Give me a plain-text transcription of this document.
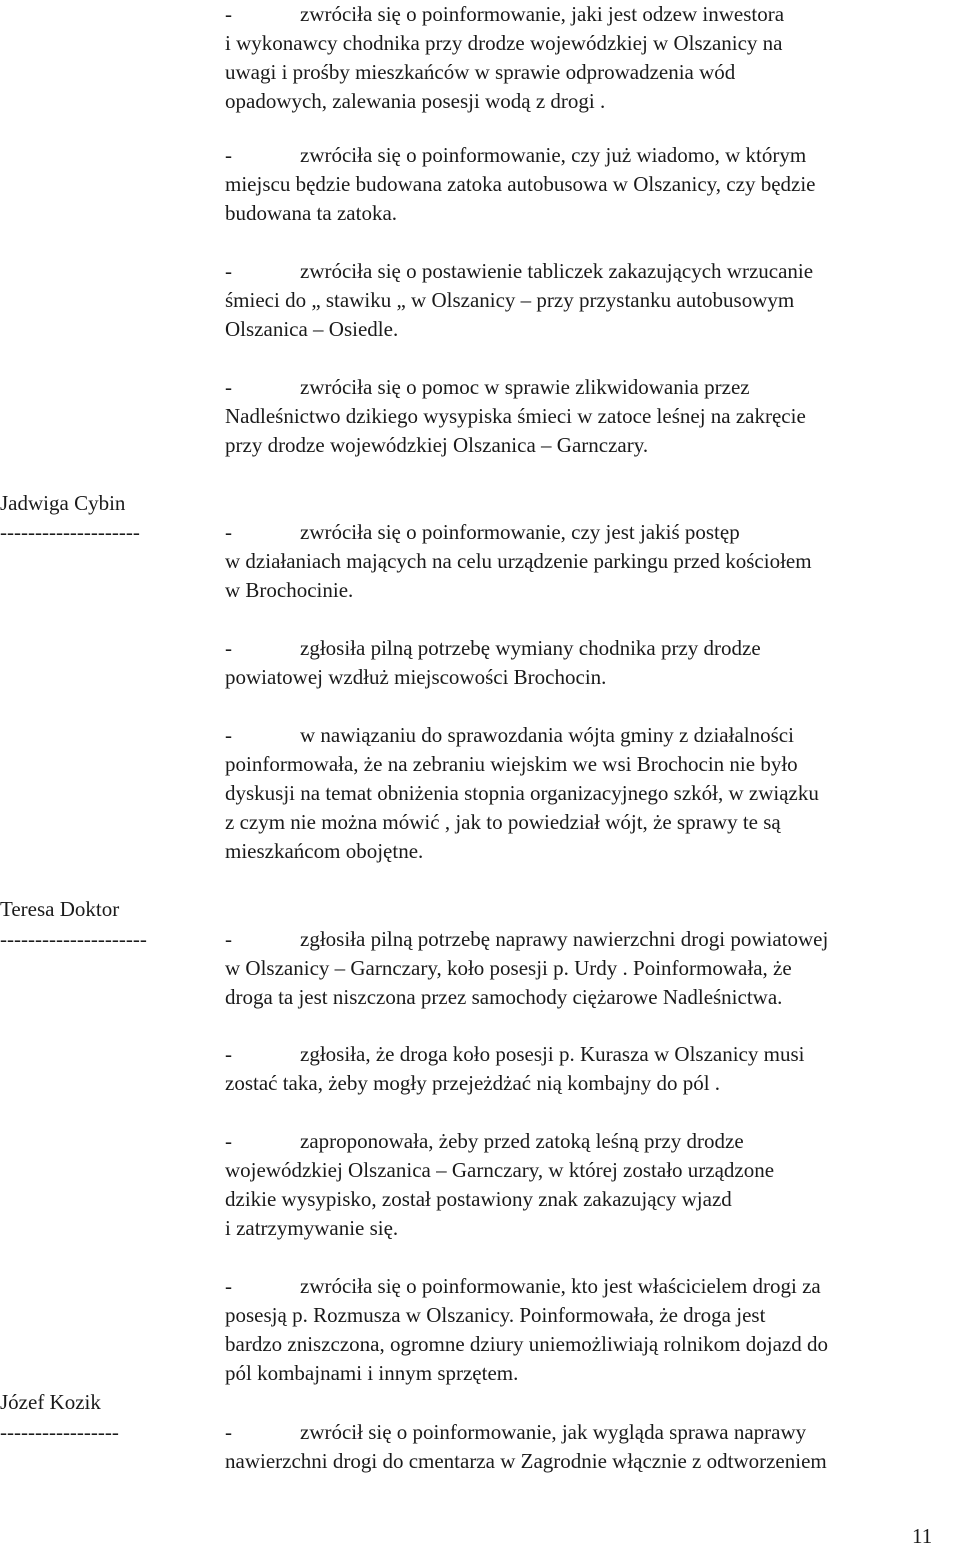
-	zwróciła się o poinformowanie, jaki jest odzew inwestora
i wykonawcy chodnika przy drodze wojewódzkiej w Olszanicy na
uwagi i prośby mieszkańców w sprawie odprowadzenia wód
opadowych, zalewania posesji wodą z drogi .
-	zwróciła się o poinformowanie, czy już wiadomo, w którym
miejscu będzie budowana zatoka autobusowa w Olszanicy, czy będzie
budowana ta zatoka.
-	zwróciła się o postawienie tabliczek zakazujących wrzucanie
śmieci do „ stawiku „ w Olszanicy – przy przystanku autobusowym
Olszanica – Osiedle.
-	zwróciła się o pomoc w sprawie zlikwidowania przez
Nadleśnictwo dzikiego wysypiska śmieci w zatoce leśnej na zakręcie
przy drodze wojewódzkiej Olszanica – Garnczary.
Jadwiga Cybin
--------------------	-	zwróciła się o poinformowanie, czy jest jakiś postęp
w działaniach mających na celu urządzenie parkingu przed kościołem
w Brochocinie.
-	zgłosiła pilną potrzebę wymiany chodnika przy drodze
powiatowej wzdłuż miejscowości Brochocin.
-	w nawiązaniu do sprawozdania wójta gminy z działalności
poinformowała, że na zebraniu wiejskim we wsi Brochocin nie było
dyskusji na temat obniżenia stopnia organizacyjnego szkół, w związku
z czym nie można mówić , jak to powiedział wójt, że sprawy te są
mieszkańcom obojętne.
Teresa Doktor
---------------------	-	zgłosiła pilną potrzebę naprawy nawierzchni drogi powiatowej
w Olszanicy – Garnczary, koło posesji p. Urdy . Poinformowała, że
droga ta jest niszczona przez samochody ciężarowe Nadleśnictwa.
-	zgłosiła, że droga koło posesji p. Kurasza w Olszanicy musi
zostać taka, żeby mogły przejeżdżać nią kombajny do pól .
-	zaproponowała, żeby przed zatoką leśną przy drodze
wojewódzkiej Olszanica – Garnczary, w której zostało urządzone
dzikie wysypisko, został postawiony znak zakazujący wjazd
i zatrzymywanie się.
-	zwróciła się o poinformowanie, kto jest właścicielem drogi za
posesją p. Rozmusza w Olszanicy. Poinformowała, że droga jest
bardzo zniszczona, ogromne dziury uniemożliwiają rolnikom dojazd do
pól kombajnami i innym sprzętem.
Józef Kozik
-----------------	-	zwrócił się o poinformowanie, jak wygląda sprawa naprawy
nawierzchni drogi do cmentarza w Zagrodnie włącznie z odtworzeniem
11
